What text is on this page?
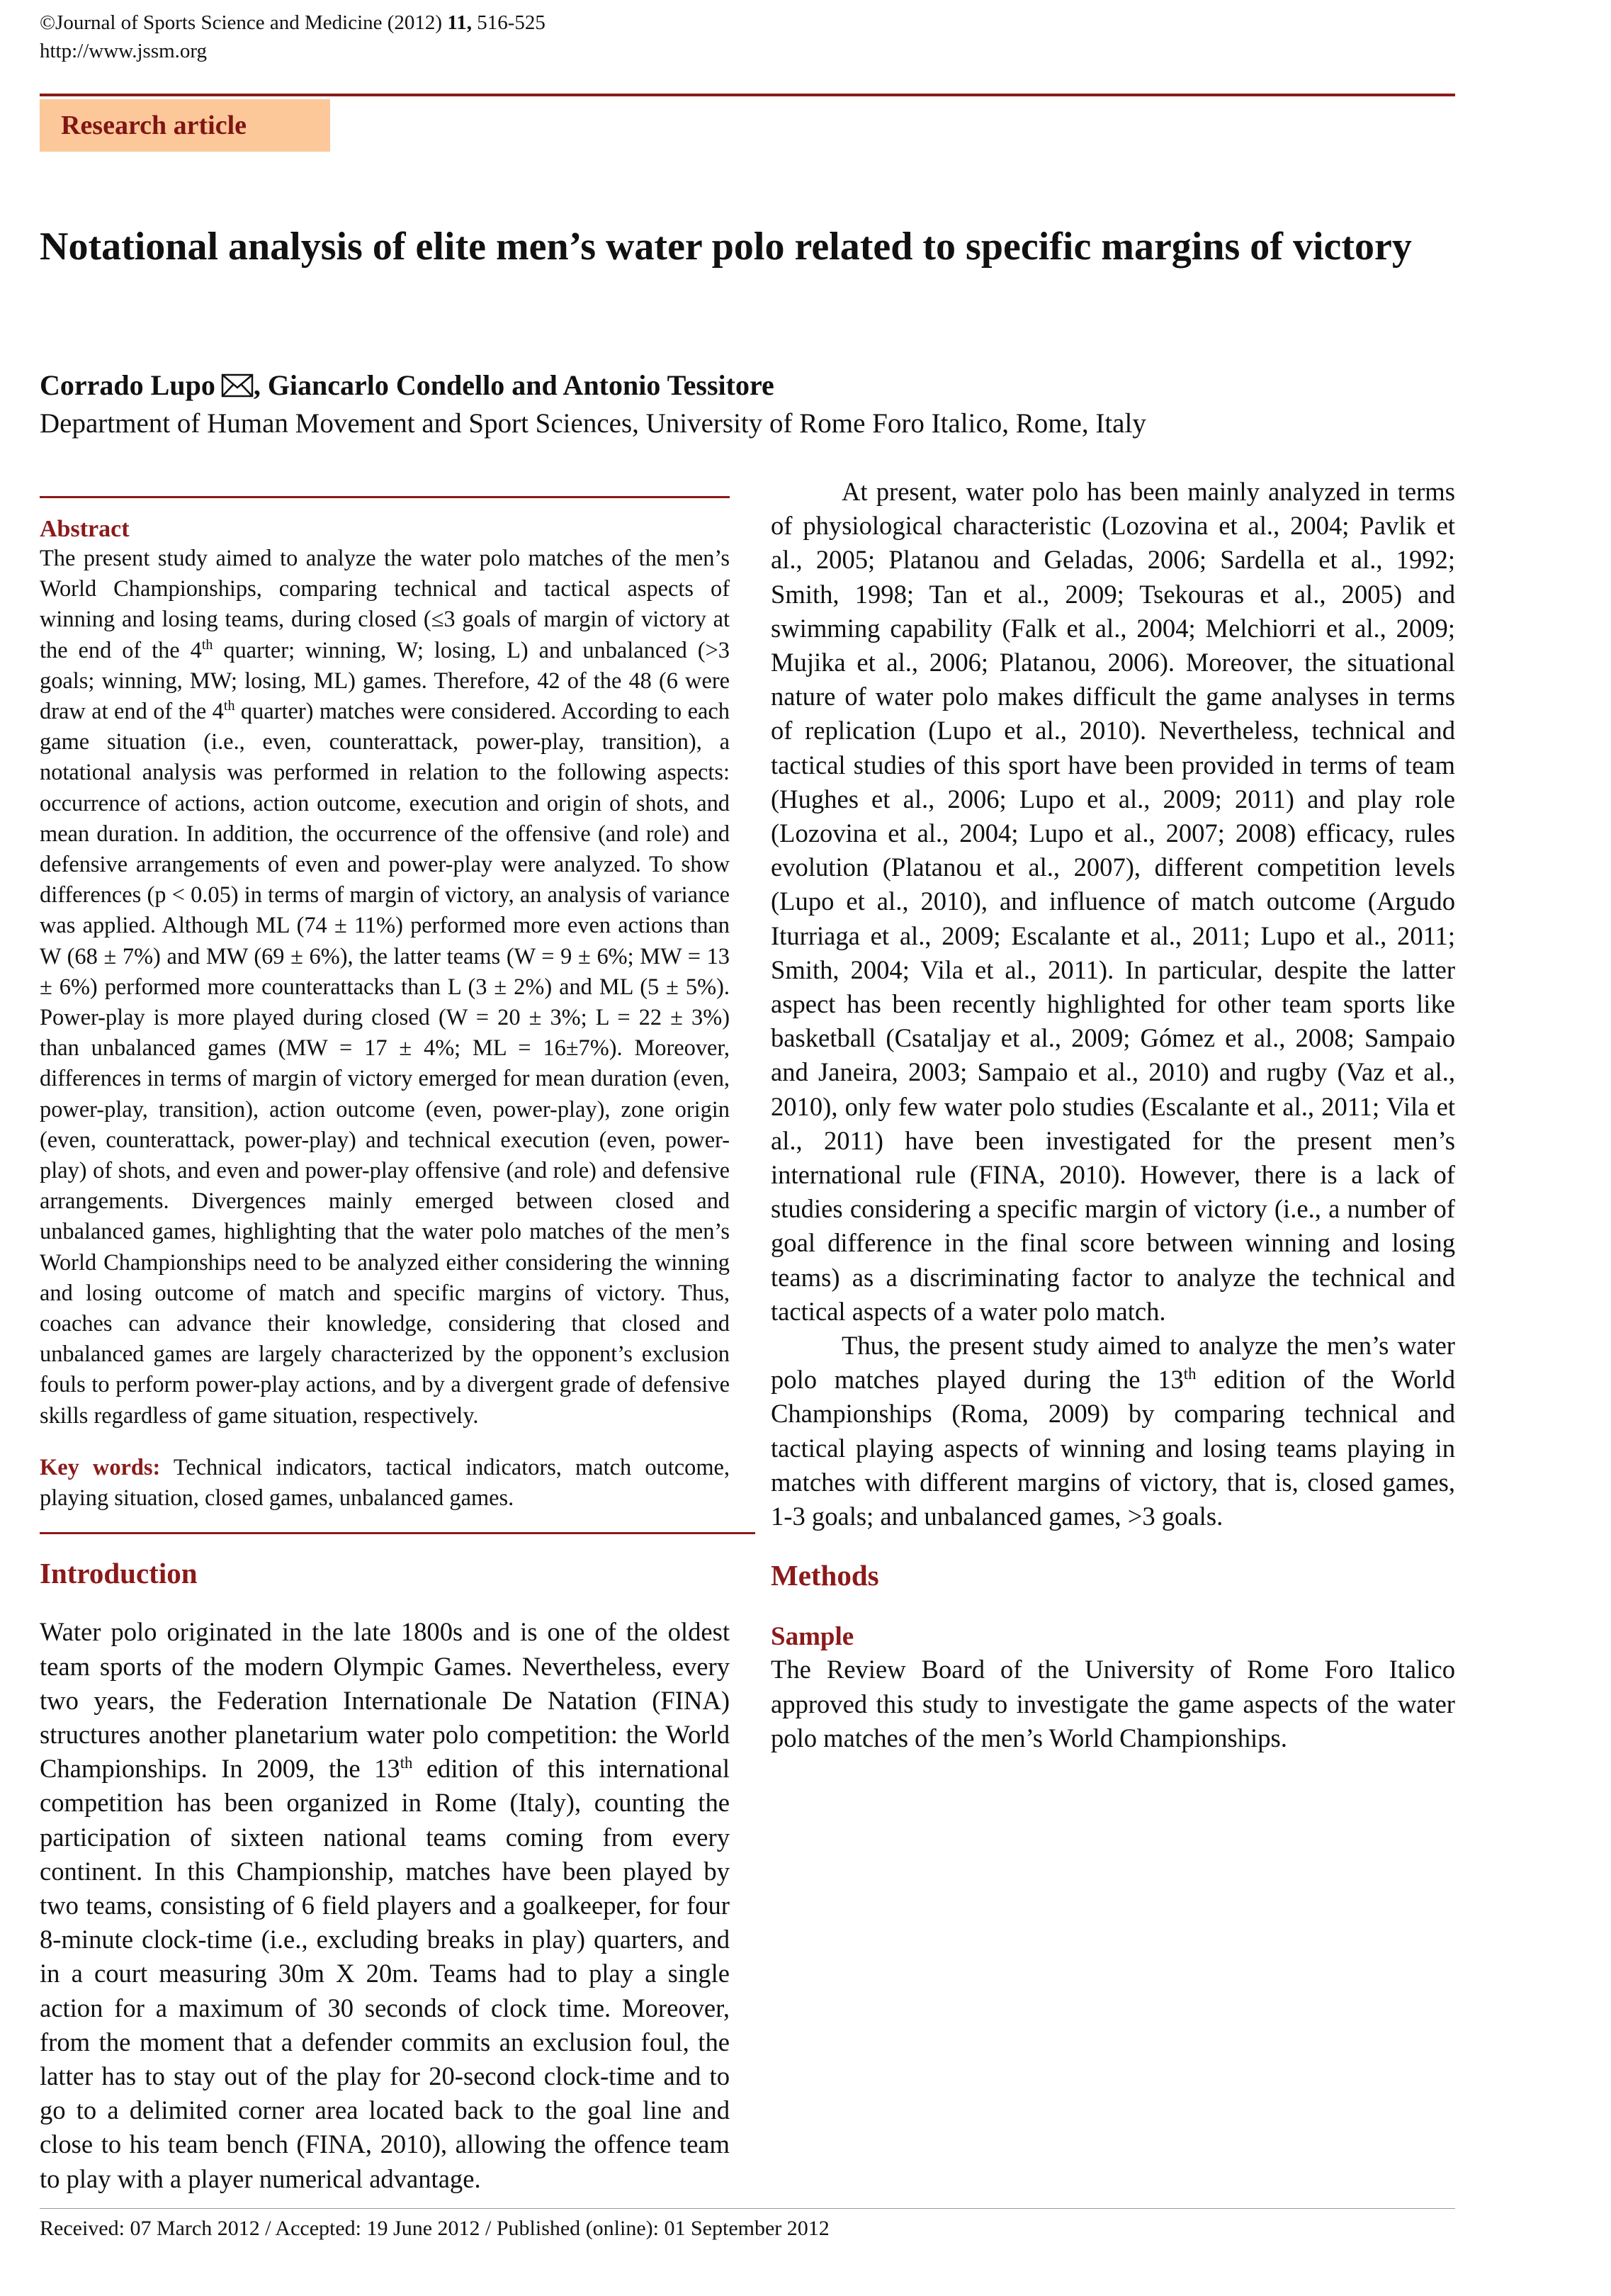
©Journal of Sports Science and Medicine (2012) 11, 516-525
http://www.jssm.org
Research article
Notational analysis of elite men’s water polo related to specific margins of victory
Corrado Lupo , Giancarlo Condello and Antonio Tessitore
Department of Human Movement and Sport Sciences, University of Rome Foro Italico, Rome, Italy
Abstract

The present study aimed to analyze the water polo matches of the men’s World Championships, comparing technical and tactical aspects of winning and losing teams, during closed (≤3 goals of margin of victory at the end of the 4th quarter; winning, W; losing, L) and unbalanced (>3 goals; winning, MW; losing, ML) games. Therefore, 42 of the 48 (6 were draw at end of the 4th quarter) matches were considered. According to each game situation (i.e., even, counterattack, power-play, transition), a notational analysis was performed in relation to the following aspects: occurrence of actions, action outcome, execution and origin of shots, and mean duration. In addition, the occurrence of the offensive (and role) and defensive arrangements of even and power-play were analyzed. To show differences (p < 0.05) in terms of margin of victory, an analysis of variance was applied. Although ML (74 ± 11%) performed more even actions than W (68 ± 7%) and MW (69 ± 6%), the latter teams (W = 9 ± 6%; MW = 13 ± 6%) performed more counterattacks than L (3 ± 2%) and ML (5 ± 5%). Power-play is more played during closed (W = 20 ± 3%; L = 22 ± 3%) than unbalanced games (MW = 17 ± 4%; ML = 16±7%). Moreover, differences in terms of margin of victory emerged for mean duration (even, power-play, transition), action outcome (even, power-play), zone origin (even, counterattack, power-play) and technical execution (even, power-play) of shots, and even and power-play offensive (and role) and defensive arrangements. Divergences mainly emerged between closed and unbalanced games, highlighting that the water polo matches of the men’s World Championships need to be analyzed either considering the winning and losing outcome of match and specific margins of victory. Thus, coaches can advance their knowledge, considering that closed and unbalanced games are largely characterized by the opponent’s exclusion fouls to perform power-play actions, and by a divergent grade of defensive skills regardless of game situation, respectively.

Key words: Technical indicators, tactical indicators, match outcome, playing situation, closed games, unbalanced games.

Introduction

Water polo originated in the late 1800s and is one of the oldest team sports of the modern Olympic Games. Nevertheless, every two years, the Federation Internationale De Natation (FINA) structures another planetarium water polo competition: the World Championships. In 2009, the 13th edition of this international competition has been organized in Rome (Italy), counting the participation of sixteen national teams coming from every continent. In this Championship, matches have been played by two teams, consisting of 6 field players and a goalkeeper, for four 8-minute clock-time (i.e., excluding breaks in play) quarters, and in a court measuring 30m X 20m. Teams had to play a single action for a maximum of 30 seconds of clock time. Moreover, from the moment that a defender commits an exclusion foul, the latter has to stay out of the play for 20-second clock-time and to go to a delimited corner area located back to the goal line and close to his team bench (FINA, 2010), allowing the offence team to play with a player numerical advantage.

At present, water polo has been mainly analyzed in terms of physiological characteristic (Lozovina et al., 2004; Pavlik et al., 2005; Platanou and Geladas, 2006; Sardella et al., 1992; Smith, 1998; Tan et al., 2009; Tsekouras et al., 2005) and swimming capability (Falk et al., 2004; Melchiorri et al., 2009; Mujika et al., 2006; Platanou, 2006). Moreover, the situational nature of water polo makes difficult the game analyses in terms of replication (Lupo et al., 2010). Nevertheless, technical and tactical studies of this sport have been provided in terms of team (Hughes et al., 2006; Lupo et al., 2009; 2011) and play role (Lozovina et al., 2004; Lupo et al., 2007; 2008) efficacy, rules evolution (Platanou et al., 2007), different competition levels (Lupo et al., 2010), and influence of match outcome (Argudo Iturriaga et al., 2009; Escalante et al., 2011; Lupo et al., 2011; Smith, 2004; Vila et al., 2011). In particular, despite the latter aspect has been recently highlighted for other team sports like basketball (Csataljay et al., 2009; Gómez et al., 2008; Sampaio and Janeira, 2003; Sampaio et al., 2010) and rugby (Vaz et al., 2010), only few water polo studies (Escalante et al., 2011; Vila et al., 2011) have been investigated for the present men’s international rule (FINA, 2010). However, there is a lack of studies considering a specific margin of victory (i.e., a number of goal difference in the final score between winning and losing teams) as a discriminating factor to analyze the technical and tactical aspects of a water polo match.

Thus, the present study aimed to analyze the men’s water polo matches played during the 13th edition of the World Championships (Roma, 2009) by comparing technical and tactical playing aspects of winning and losing teams playing in matches with different margins of victory, that is, closed games, 1-3 goals; and unbalanced games, >3 goals.

Methods
Sample

The Review Board of the University of Rome Foro Italico approved this study to investigate the game aspects of the water polo matches of the men’s World Championships.

Received: 07 March 2012 / Accepted: 19 June 2012 / Published (online): 01 September 2012
